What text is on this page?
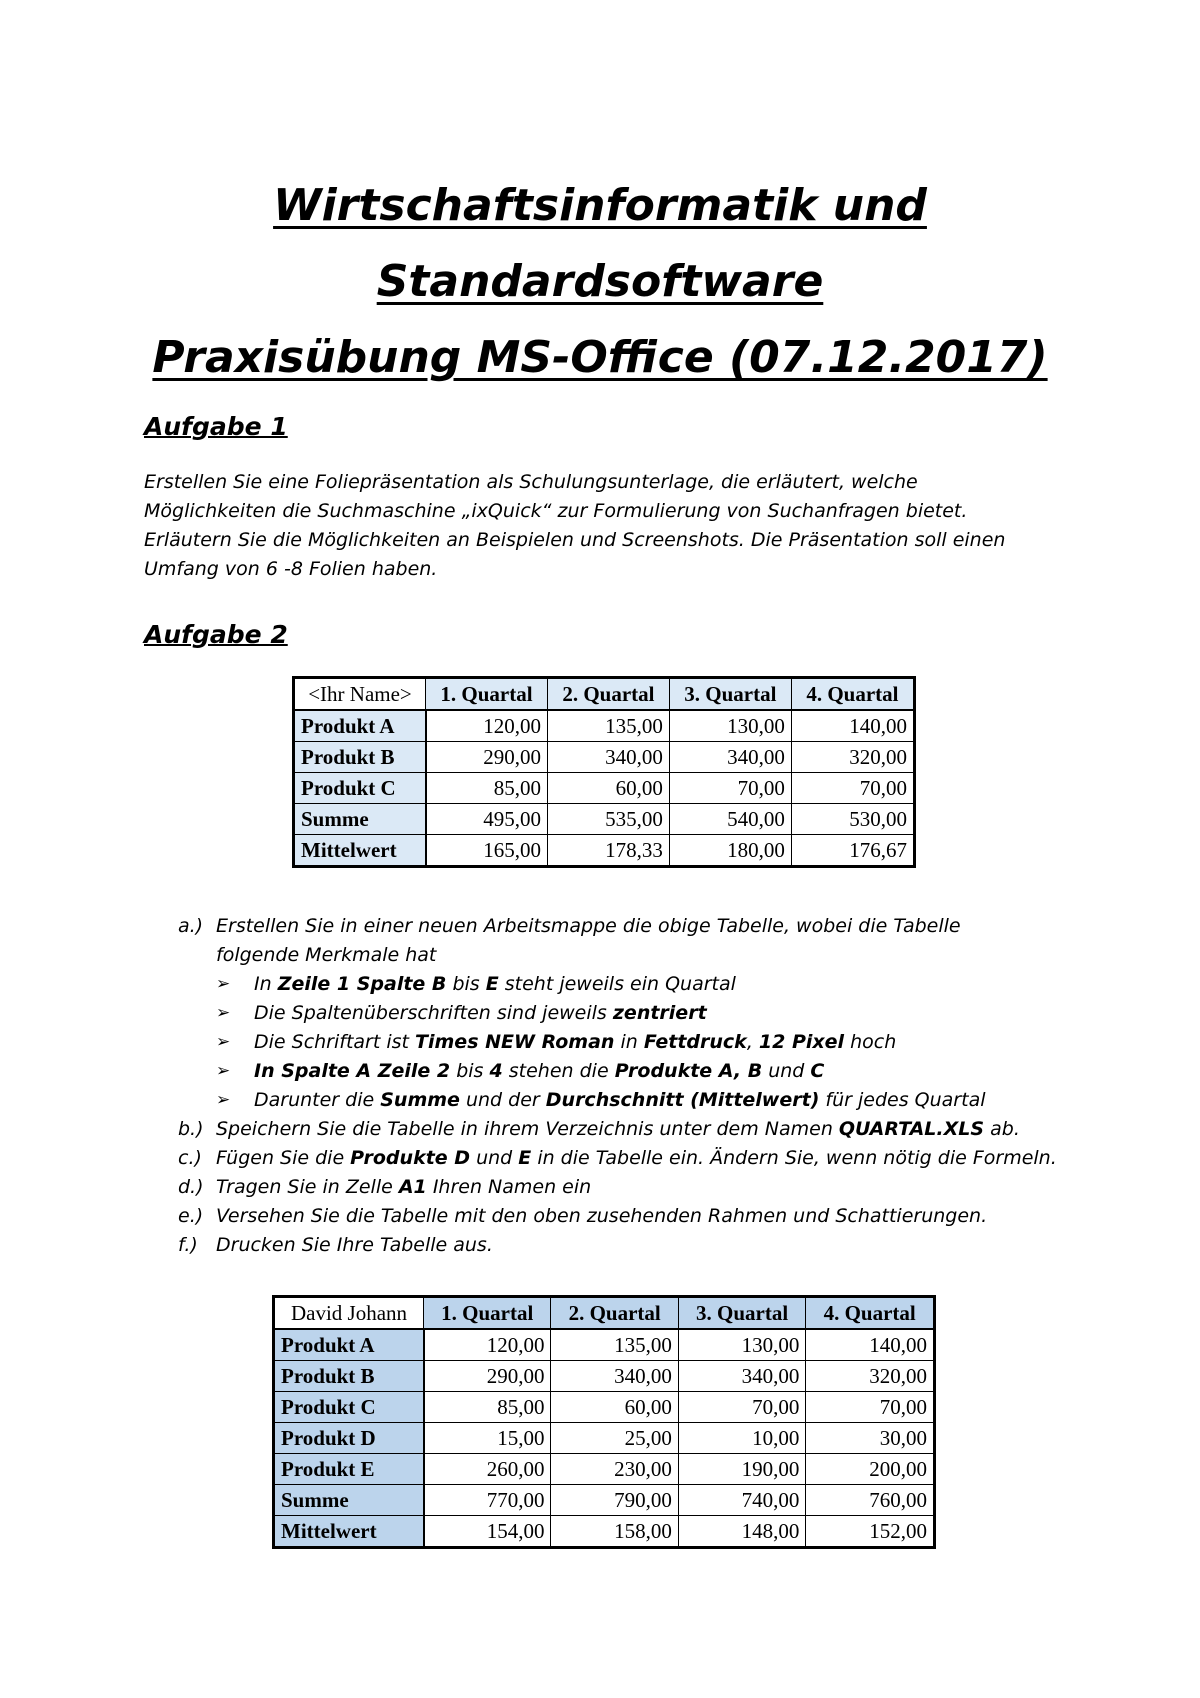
Wirtschaftsinformatik und
Standardsoftware
Praxisübung MS-Office (07.12.2017)
Aufgabe 1
Erstellen Sie eine Foliepräsentation als Schulungsunterlage, die erläutert, welche
Möglichkeiten die Suchmaschine „ixQuick“ zur Formulierung von Suchanfragen bietet.
Erläutern Sie die Möglichkeiten an Beispielen und Screenshots. Die Präsentation soll einen
Umfang von 6 -8 Folien haben.
Aufgabe 2
<Ihr Name>	1. Quartal	2. Quartal	3. Quartal	4. Quartal
Produkt A	120,00	135,00	130,00	140,00
Produkt B	290,00	340,00	340,00	320,00
Produkt C	85,00	60,00	70,00	70,00
Summe	495,00	535,00	540,00	530,00
Mittelwert	165,00	178,33	180,00	176,67
a.) Erstellen Sie in einer neuen Arbeitsmappe die obige Tabelle, wobei die Tabelle
folgende Merkmale hat
➢	In Zeile 1 Spalte B bis E steht jeweils ein Quartal
➢	Die Spaltenüberschriften sind jeweils zentriert
➢	Die Schriftart ist Times NEW Roman in Fettdruck, 12 Pixel hoch
➢	In Spalte A Zeile 2 bis 4 stehen die Produkte A, B und C
➢	Darunter die Summe und der Durchschnitt (Mittelwert) für jedes Quartal
b.) Speichern Sie die Tabelle in ihrem Verzeichnis unter dem Namen QUARTAL.XLS ab.
c.) Fügen Sie die Produkte D und E in die Tabelle ein. Ändern Sie, wenn nötig die Formeln.
d.) Tragen Sie in Zelle A1 Ihren Namen ein
e.) Versehen Sie die Tabelle mit den oben zusehenden Rahmen und Schattierungen.
f.) Drucken Sie Ihre Tabelle aus.
David Johann	1. Quartal	2. Quartal	3. Quartal	4. Quartal
Produkt A	120,00	135,00	130,00	140,00
Produkt B	290,00	340,00	340,00	320,00
Produkt C	85,00	60,00	70,00	70,00
Produkt D	15,00	25,00	10,00	30,00
Produkt E	260,00	230,00	190,00	200,00
Summe	770,00	790,00	740,00	760,00
Mittelwert	154,00	158,00	148,00	152,00
